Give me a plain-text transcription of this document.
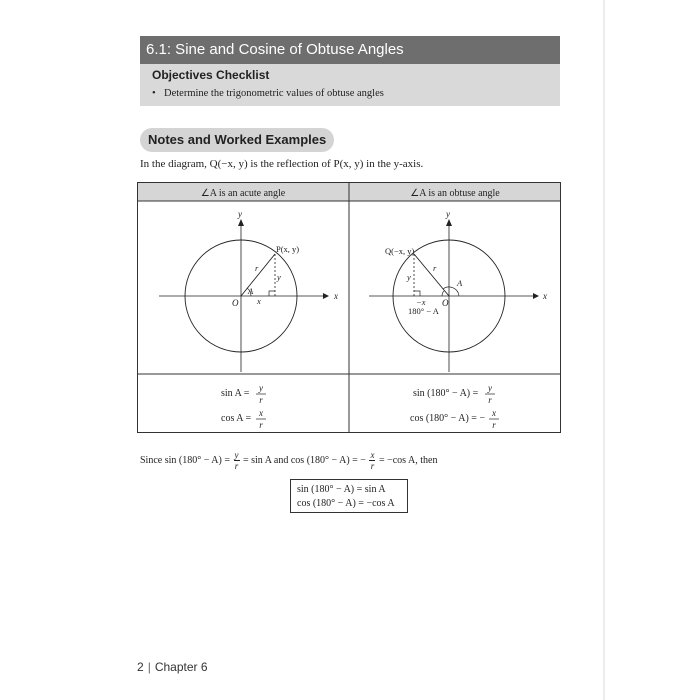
6.1: Sine and Cosine of Obtuse Angles
Objectives Checklist
• Determine the trigonometric values of obtuse angles
Notes and Worked Examples
In the diagram, Q(−x, y) is the reflection of P(x, y) in the y-axis.
∠A is an acute angle	∠A is an obtuse angle
x
y
O
P(x, y)
r
y
x
A	x
y
O
Q(−x, y)
r
y
−x
A
180° − A
sin A = y
r
cos A = x
r
sin (180° − A) = y
r
cos (180° − A) = − x
r
Since $\sin (180^\circ - A) = \frac{y}{r} = \sin A$ and cos (180° − A) = − $\frac{x}{r} = -\cos$ A, then
sin (180° − A) = sin A
cos (180° − A) = −cos A
2 | Chapter 6
